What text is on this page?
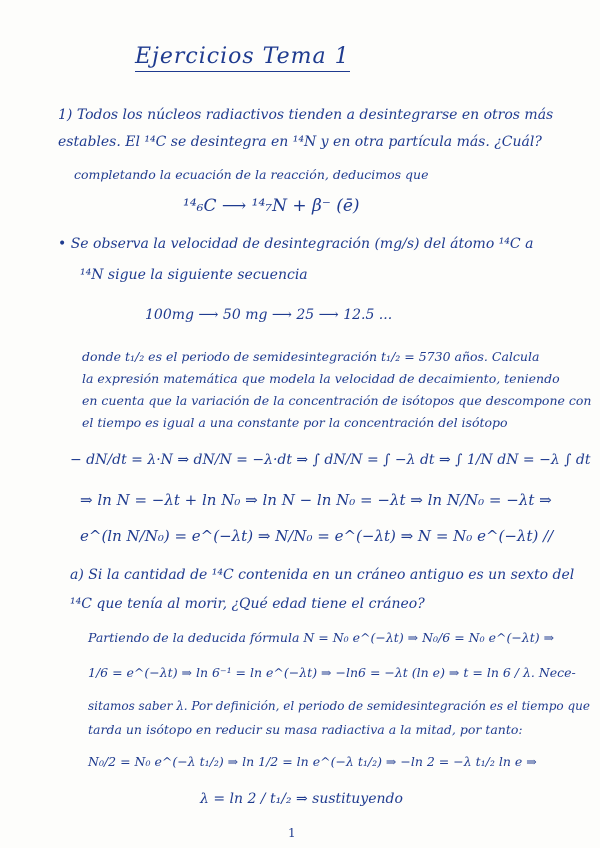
Ejercicios Tema 1
1) Todos los núcleos radiactivos tienden a desintegrarse en otros más
estables. El ¹⁴C se desintegra en ¹⁴N y en otra partícula más. ¿Cuál?
completando la ecuación de la reacción, deducimos que
¹⁴₆C ⟶ ¹⁴₇N + β⁻ (ē)
• Se observa la velocidad de desintegración (mg/s) del átomo ¹⁴C a
¹⁴N sigue la siguiente secuencia
100mg ⟶ 50 mg ⟶ 25 ⟶ 12.5 ...
donde t₁/₂ es el periodo de semidesintegración t₁/₂ = 5730 años. Calcula
la expresión matemática que modela la velocidad de decaimiento, teniendo
en cuenta que la variación de la concentración de isótopos que descompone con
el tiempo es igual a una constante por la concentración del isótopo
− dN/dt = λ·N ⇒ dN/N = −λ·dt ⇒ ∫ dN/N = ∫ −λ dt ⇒ ∫ 1/N dN = −λ ∫ dt
⇒ ln N = −λt + ln N₀ ⇒ ln N − ln N₀ = −λt ⇒ ln N/N₀ = −λt ⇒
e^(ln N/N₀) = e^(−λt) ⇒ N/N₀ = e^(−λt) ⇒ N = N₀ e^(−λt) //
a) Si la cantidad de ¹⁴C contenida en un cráneo antiguo es un sexto del
¹⁴C que tenía al morir, ¿Qué edad tiene el cráneo?
Partiendo de la deducida fórmula N = N₀ e^(−λt) ⇒ N₀/6 = N₀ e^(−λt) ⇒
1/6 = e^(−λt) ⇒ ln 6⁻¹ = ln e^(−λt) ⇒ −ln6 = −λt (ln e) ⇒ t = ln 6 / λ. Nece-
sitamos saber λ. Por definición, el periodo de semidesintegración es el tiempo que
tarda un isótopo en reducir su masa radiactiva a la mitad, por tanto:
N₀/2 = N₀ e^(−λ t₁/₂) ⇒ ln 1/2 = ln e^(−λ t₁/₂) ⇒ −ln 2 = −λ t₁/₂ ln e ⇒
λ = ln 2 / t₁/₂ ⇒ sustituyendo
1
